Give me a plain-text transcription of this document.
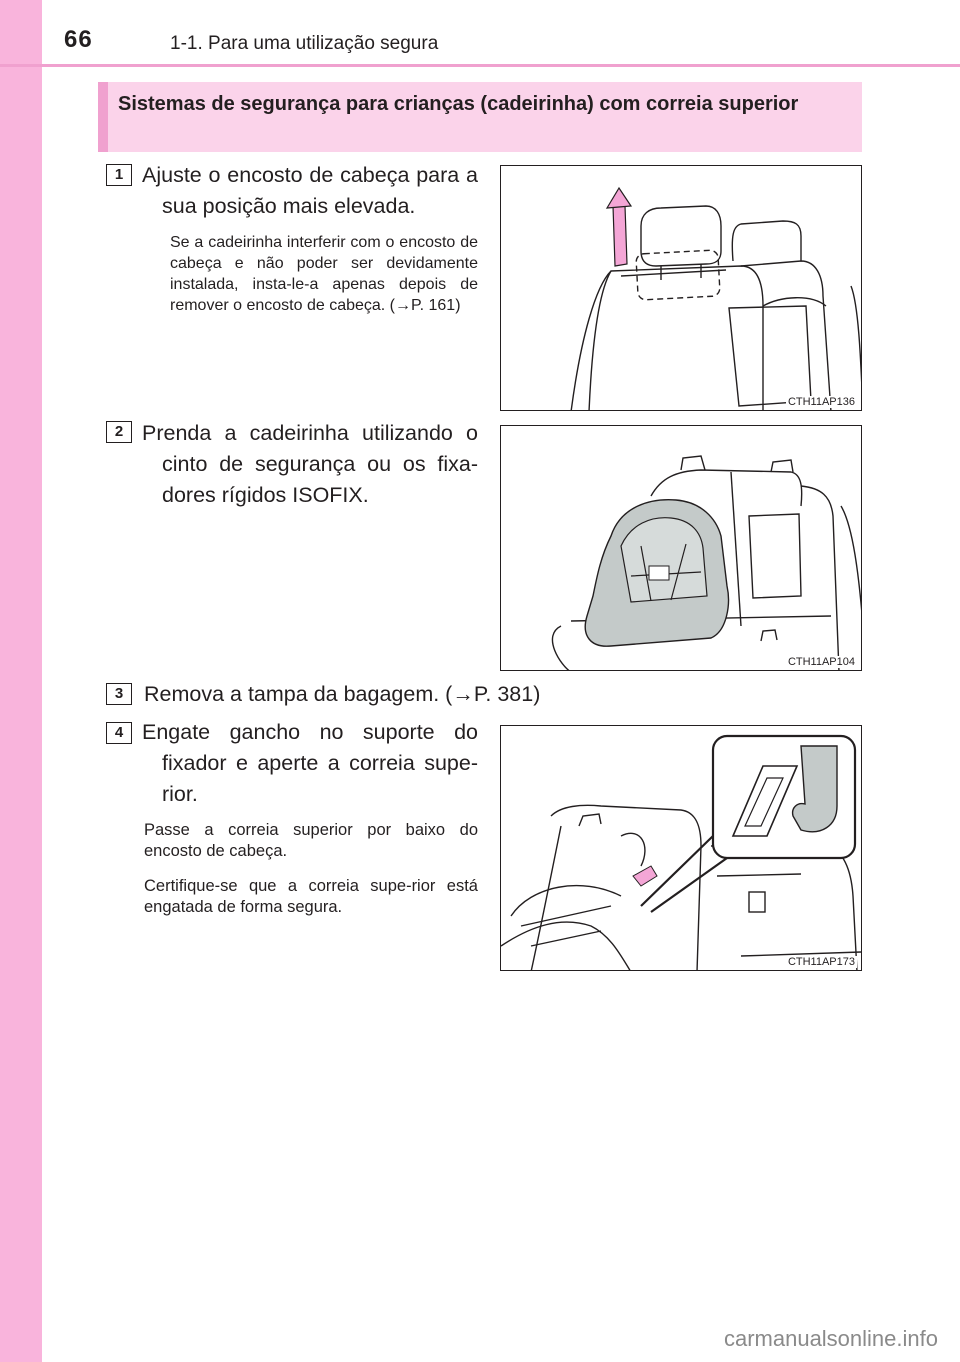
66	1-1. Para uma utilização segura
Sistemas de segurança para crianças (cadeirinha) com correia superior
1 Ajuste o encosto de cabeça para a sua posição mais elevada.
Se a cadeirinha interferir com o encosto de cabeça e não poder ser devidamente instalada, insta-le-a apenas depois de remover o encosto de cabeça. (→P. 161)
CTH11AP136
2 Prenda a cadeirinha utilizando o cinto de segurança ou os fixa-dores rígidos ISOFIX.
CTH11AP104
3 Remova a tampa da bagagem. (→P. 381)
4 Engate gancho no suporte do fixador e aperte a correia supe-rior.
Passe a correia superior por baixo do encosto de cabeça.
Certifique-se que a correia supe-rior está engatada de forma segura.
CTH11AP173
carmanualsonline.info
